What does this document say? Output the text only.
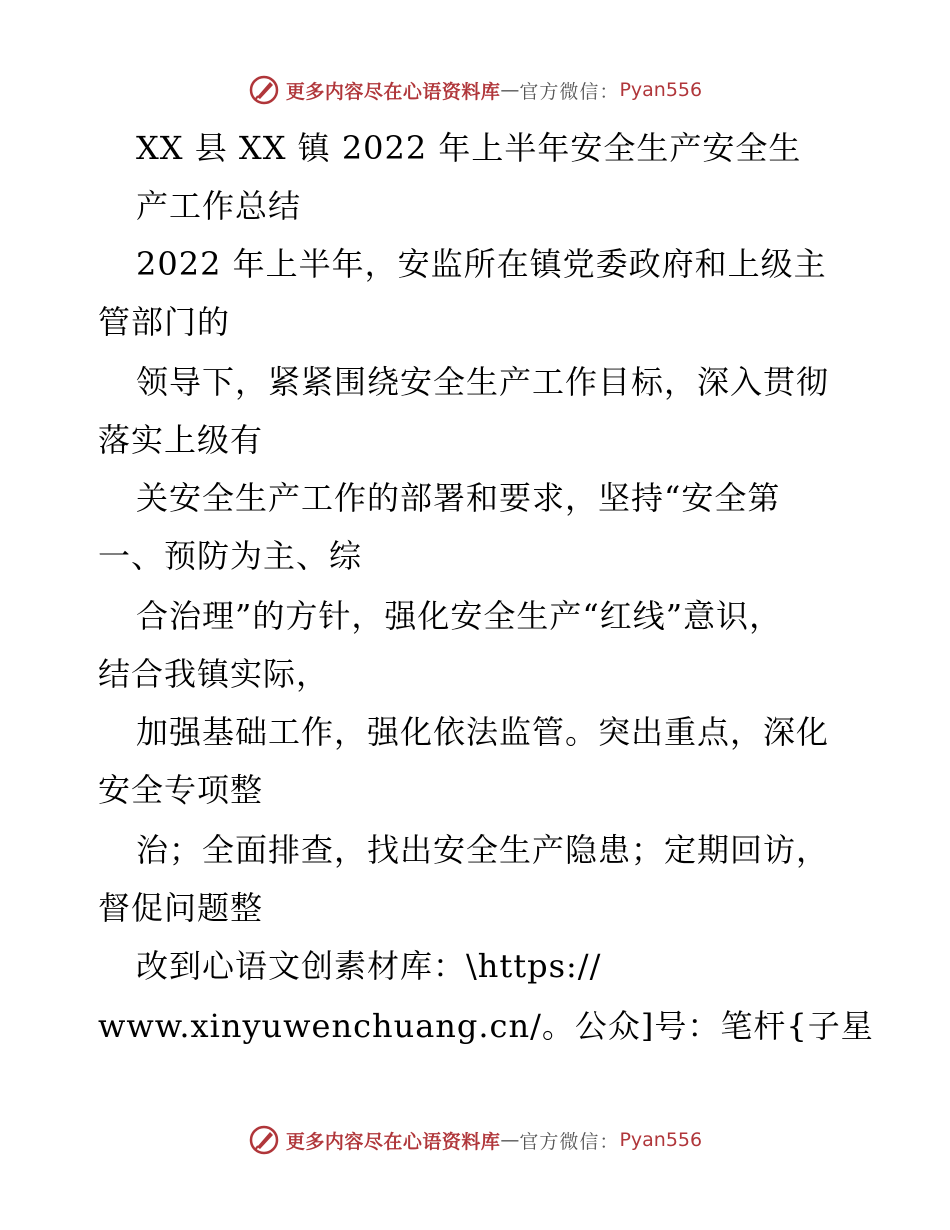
更多内容尽在心语资料库 — 官方微信： Pyan556
XX 县 XX 镇 2022 年上半年安全生产安全生
产工作总结
2022 年上半年，安监所在镇党委政府和上级主
管部门的
领导下，紧紧围绕安全生产工作目标，深入贯彻
落实上级有
关安全生产工作的部署和要求，坚持“安全第
一、预防为主、综
合治理”的方针，强化安全生产“红线”意识，
结合我镇实际，
加强基础工作，强化依法监管。突出重点，深化
安全专项整
治；全面排查，找出安全生产隐患；定期回访，
督促问题整
改到心语文创素材库：\https://
www.xinyuwenchuang.cn/。公众]号：笔杆{子星
更多内容尽在心语资料库 — 官方微信： Pyan556
